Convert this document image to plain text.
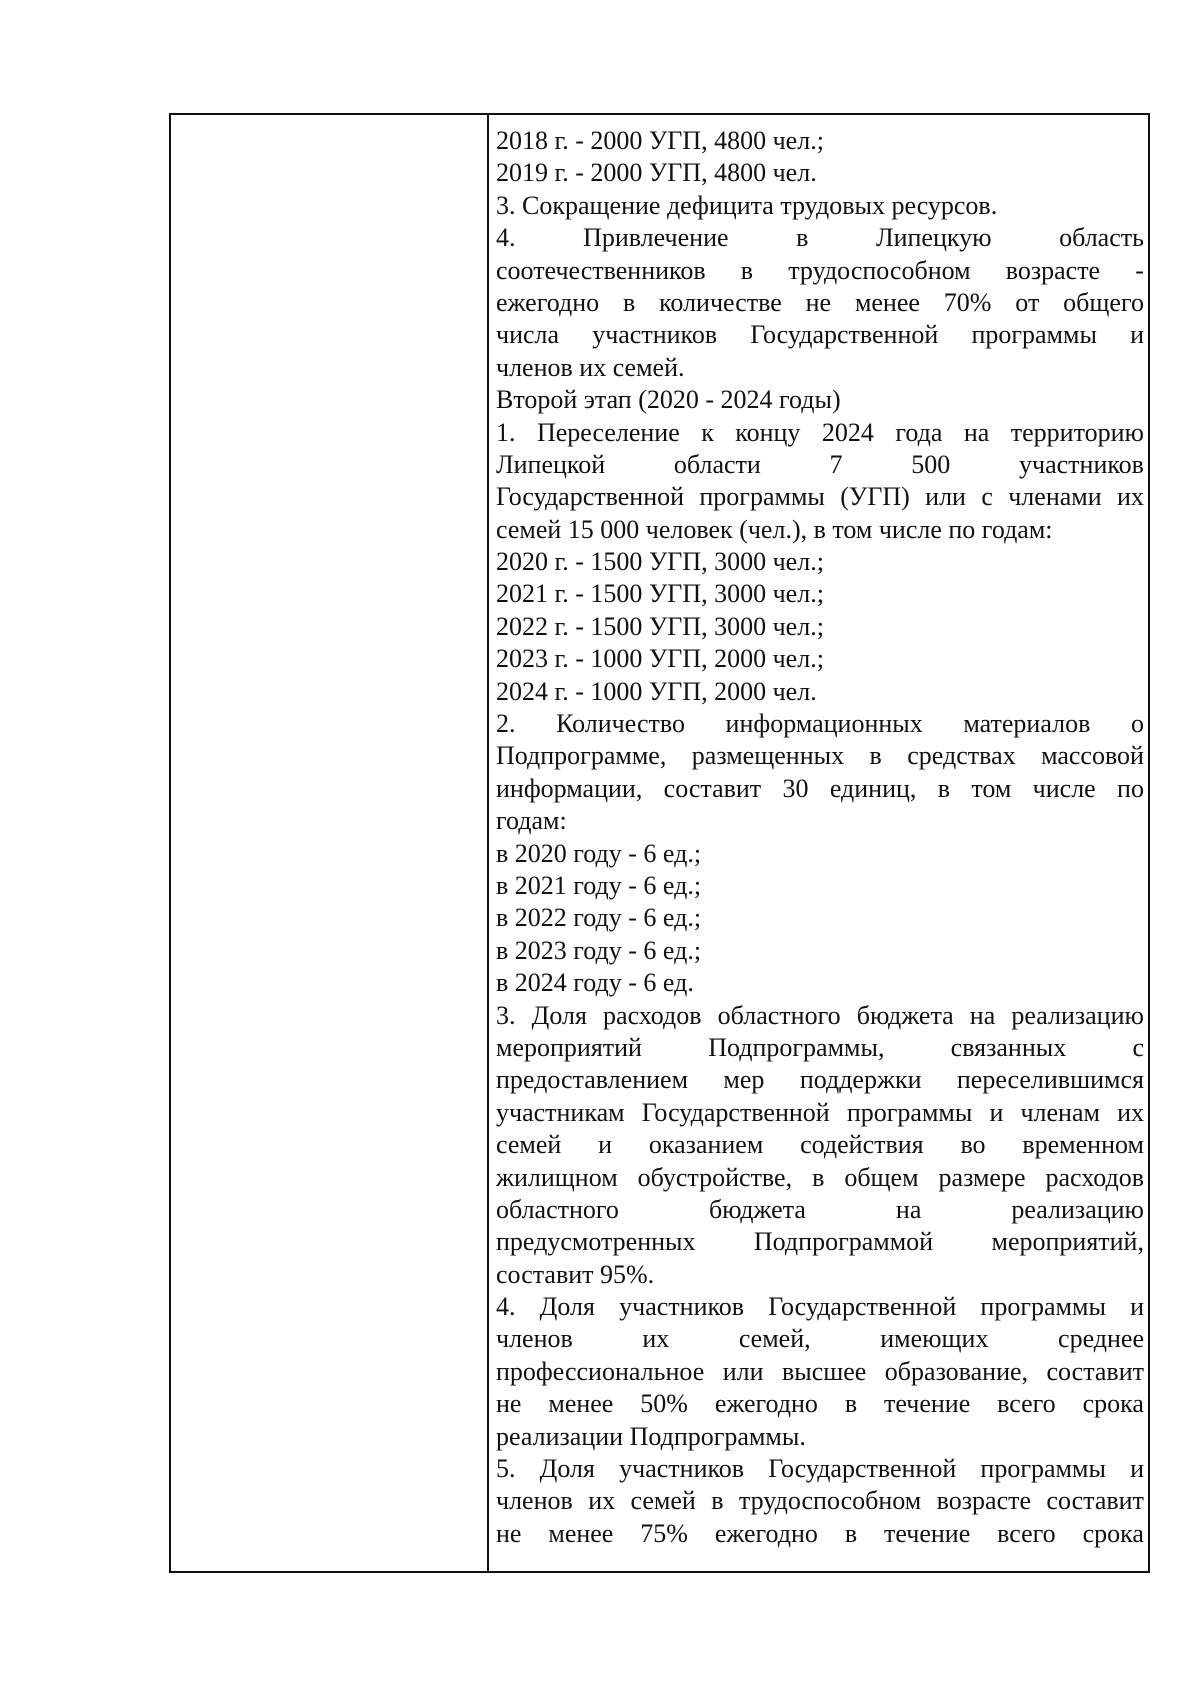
2018 г. - 2000 УГП, 4800 чел.;
2019 г. - 2000 УГП, 4800 чел.
3. Сокращение дефицита трудовых ресурсов.
4.	Привлечение	в	Липецкую	область
соотечественников в трудоспособном возрасте -
ежегодно в количестве не менее 70% от общего
числа участников Государственной программы и
членов их семей.
Второй этап (2020 - 2024 годы)
1. Переселение к концу 2024 года на территорию
Липецкой	области	7	500	участников
Государственной программы (УГП) или с членами их
семей 15 000 человек (чел.), в том числе по годам:
2020 г. - 1500 УГП, 3000 чел.;
2021 г. - 1500 УГП, 3000 чел.;
2022 г. - 1500 УГП, 3000 чел.;
2023 г. - 1000 УГП, 2000 чел.;
2024 г. - 1000 УГП, 2000 чел.
2. Количество информационных материалов о
Подпрограмме, размещенных в средствах массовой
информации, составит 30 единиц, в том числе по
годам:
в 2020 году - 6 ед.;
в 2021 году - 6 ед.;
в 2022 году - 6 ед.;
в 2023 году - 6 ед.;
в 2024 году - 6 ед.
3. Доля расходов областного бюджета на реализацию
мероприятий	Подпрограммы,	связанных	с
предоставлением мер поддержки переселившимся
участникам Государственной программы и членам их
семей и оказанием содействия во временном
жилищном обустройстве, в общем размере расходов
областного	бюджета	на	реализацию
предусмотренных Подпрограммой мероприятий,
составит 95%.
4. Доля участников Государственной программы и
членов	их	семей,	имеющих	среднее
профессиональное или высшее образование, составит
не менее 50% ежегодно в течение всего срока
реализации Подпрограммы.
5. Доля участников Государственной программы и
членов их семей в трудоспособном возрасте составит
не менее 75% ежегодно в течение всего срока
